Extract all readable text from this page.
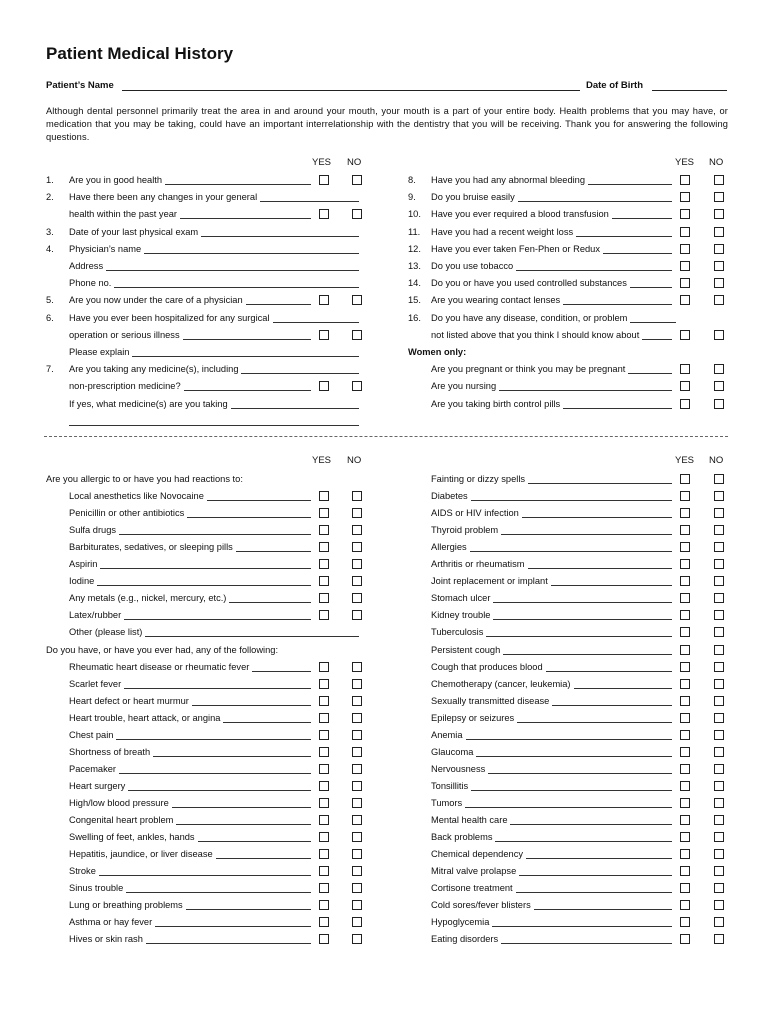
Patient Medical History
Patient’s Name	Date of Birth

Although dental personnel primarily treat the area in and around your mouth, your mouth is a part of your entire body. Health problems that you may have, or medication that you may be taking, could have an important interrelationship with the dentistry that you will be receiving. Thank you for answering the following questions.

YES NO	YES NO
1.	Are you in good health
2.	Have there been any changes in your general
health within the past year
3.	Date of your last physical exam
4.	Physician’s name
Address
Phone no.
5.	Are you now under the care of a physician
6.	Have you ever been hospitalized for any surgical
operation or serious illness
Please explain
7.	Are you taking any medicine(s), including
non-prescription medicine?
If yes, what medicine(s) are you taking
8.	Have you had any abnormal bleeding
9.	Do you bruise easily
10.	Have you ever required a blood transfusion
11.	Have you had a recent weight loss
12.	Have you ever taken Fen-Phen or Redux
13.	Do you use tobacco
14.	Do you or have you used controlled substances
15.	Are you wearing contact lenses
16.	Do you have any disease, condition, or problem
not listed above that you think I should know about
Women only:
Are you pregnant or think you may be pregnant
Are you nursing
Are you taking birth control pills
YES NO	YES NO
Are you allergic to or have you had reactions to:
Local anesthetics like Novocaine
Penicillin or other antibiotics
Sulfa drugs
Barbiturates, sedatives, or sleeping pills
Aspirin
Iodine
Any metals (e.g., nickel, mercury, etc.)
Latex/rubber
Other (please list)
Do you have, or have you ever had, any of the following:
Rheumatic heart disease or rheumatic fever
Scarlet fever
Heart defect or heart murmur
Heart trouble, heart attack, or angina
Chest pain
Shortness of breath
Pacemaker
Heart surgery
High/low blood pressure
Congenital heart problem
Swelling of feet, ankles, hands
Hepatitis, jaundice, or liver disease
Stroke
Sinus trouble
Lung or breathing problems
Asthma or hay fever
Hives or skin rash
Fainting or dizzy spells
Diabetes
AIDS or HIV infection
Thyroid problem
Allergies
Arthritis or rheumatism
Joint replacement or implant
Stomach ulcer
Kidney trouble
Tuberculosis
Persistent cough
Cough that produces blood
Chemotherapy (cancer, leukemia)
Sexually transmitted disease
Epilepsy or seizures
Anemia
Glaucoma
Nervousness
Tonsillitis
Tumors
Mental health care
Back problems
Chemical dependency
Mitral valve prolapse
Cortisone treatment
Cold sores/fever blisters
Hypoglycemia
Eating disorders
